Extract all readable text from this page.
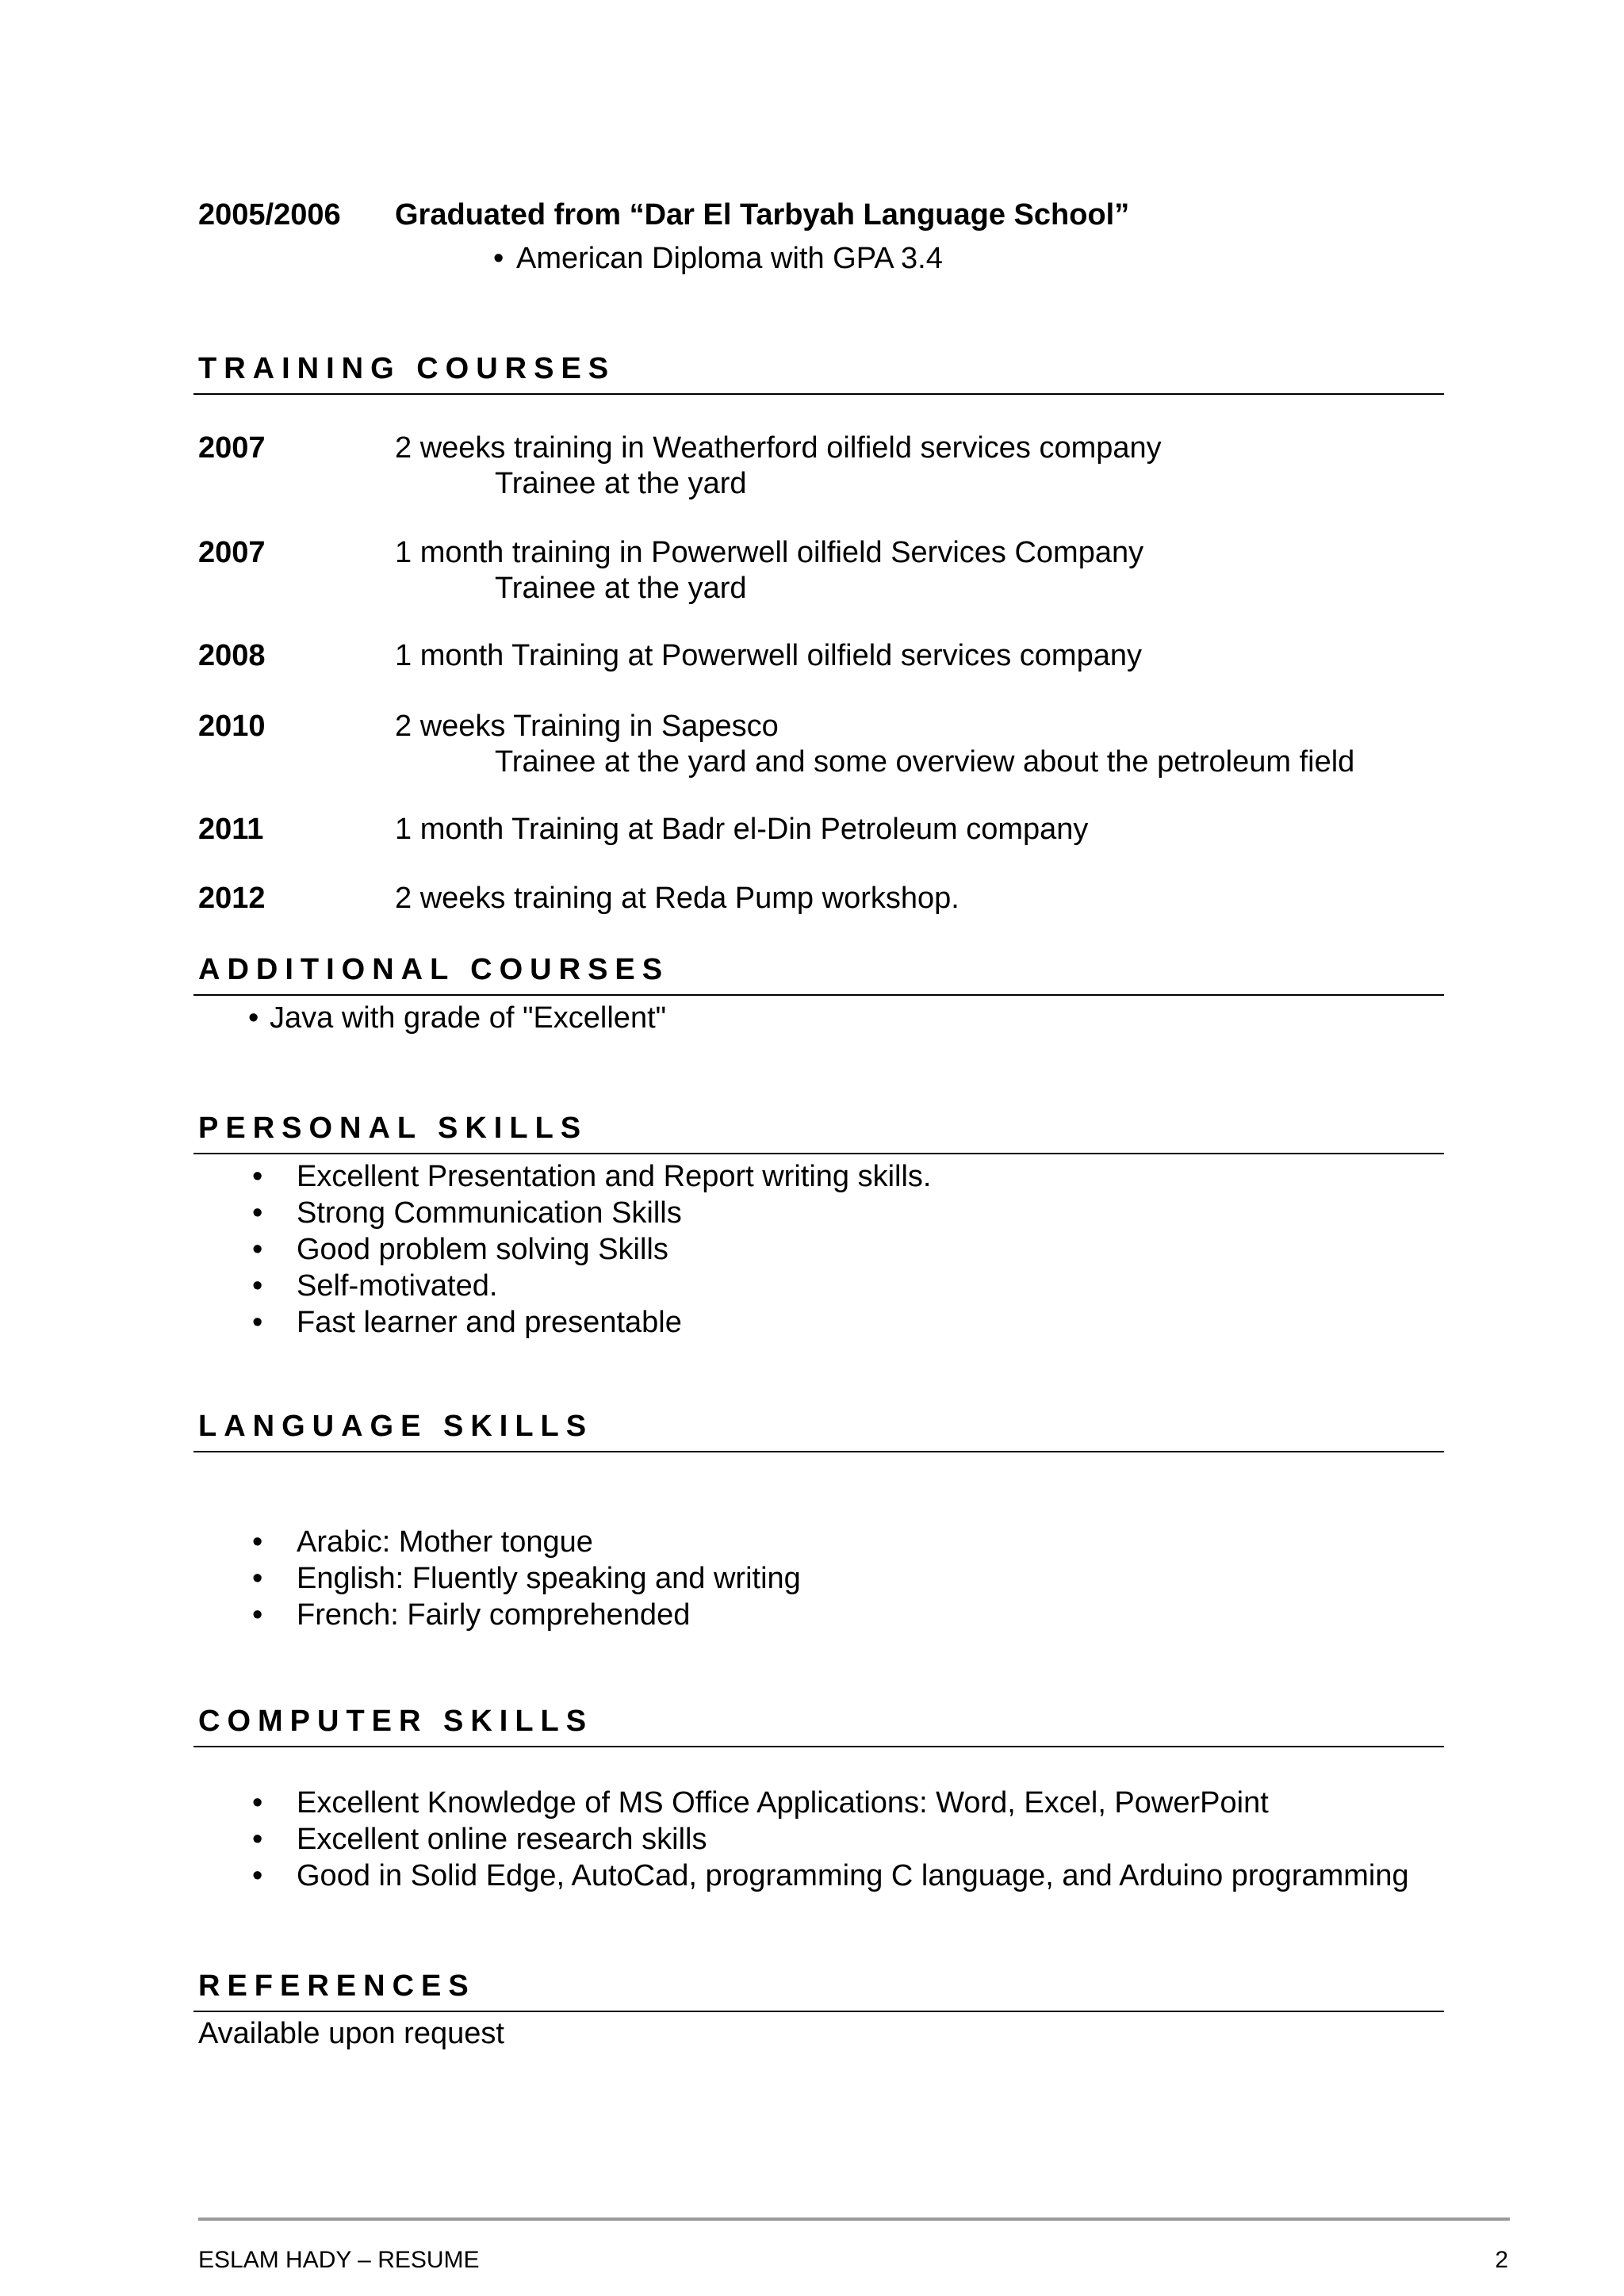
2005/2006 Graduated from “Dar El Tarbyah Language School”
• American Diploma with GPA 3.4
TRAINING COURSES
2007	2 weeks training in Weatherford oilfield services company
Trainee at the yard
2007	1 month training in Powerwell oilfield Services Company
Trainee at the yard
2008	1 month Training at Powerwell oilfield services company
2010	2 weeks Training in Sapesco
Trainee at the yard and some overview about the petroleum field
2011	1 month Training at Badr el-Din Petroleum company
2012	2 weeks training at Reda Pump workshop.
ADDITIONAL COURSES
• Java with grade of "Excellent"
PERSONAL SKILLS
• Excellent Presentation and Report writing skills.
• Strong Communication Skills
• Good problem solving Skills
• Self-motivated.
• Fast learner and presentable
LANGUAGE SKILLS
• Arabic: Mother tongue
• English: Fluently speaking and writing
• French: Fairly comprehended
COMPUTER SKILLS
• Excellent Knowledge of MS Office Applications: Word, Excel, PowerPoint
• Excellent online research skills
• Good in Solid Edge, AutoCad, programming C language, and Arduino programming
REFERENCES
Available upon request
ESLAM HADY – RESUME	2
